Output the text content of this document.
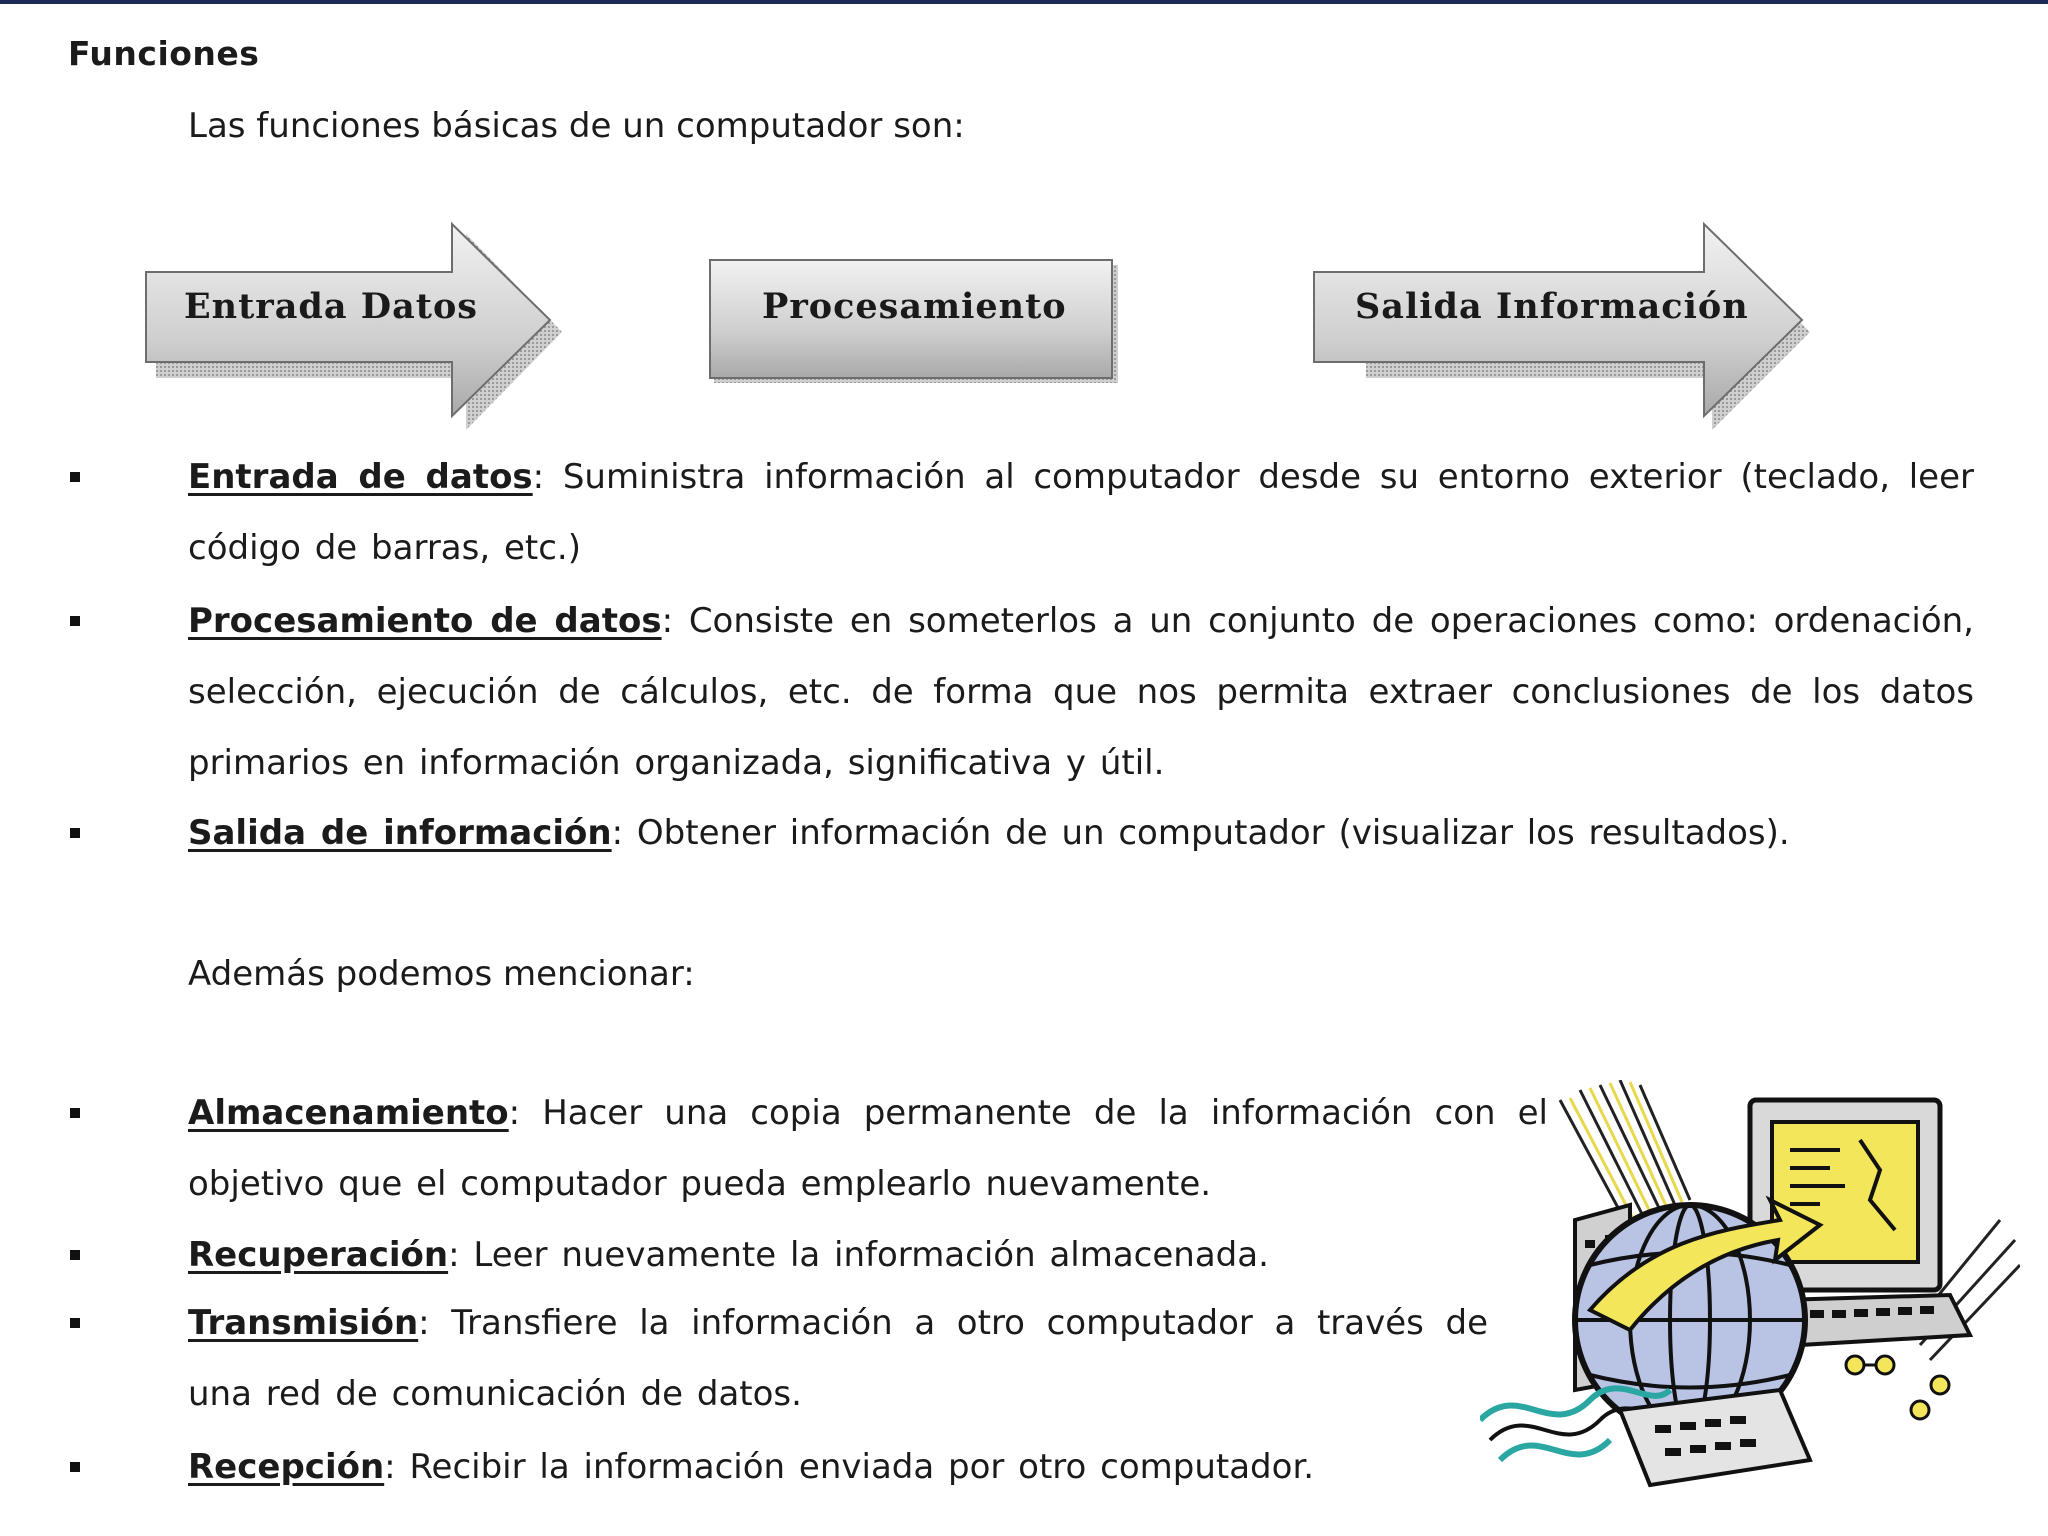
Funciones
Las funciones básicas de un computador son:
Entrada Datos	Procesamiento	Salida Información
Entrada de datos: Suministra información al computador desde su entorno exterior (teclado, leer código de barras, etc.)
Procesamiento de datos: Consiste en someterlos a un conjunto de operaciones como: ordenación, selección, ejecución de cálculos, etc. de forma que nos permita extraer conclusiones de los datos primarios en información organizada, significativa y útil.
Salida de información: Obtener información de un computador (visualizar los resultados).
Además podemos mencionar:
Almacenamiento: Hacer una copia permanente de la información con el objetivo que el computador pueda emplearlo nuevamente.
Recuperación: Leer nuevamente la información almacenada.
Transmisión: Transfiere la información a otro computador a través de una red de comunicación de datos.
Recepción: Recibir la información enviada por otro computador.
